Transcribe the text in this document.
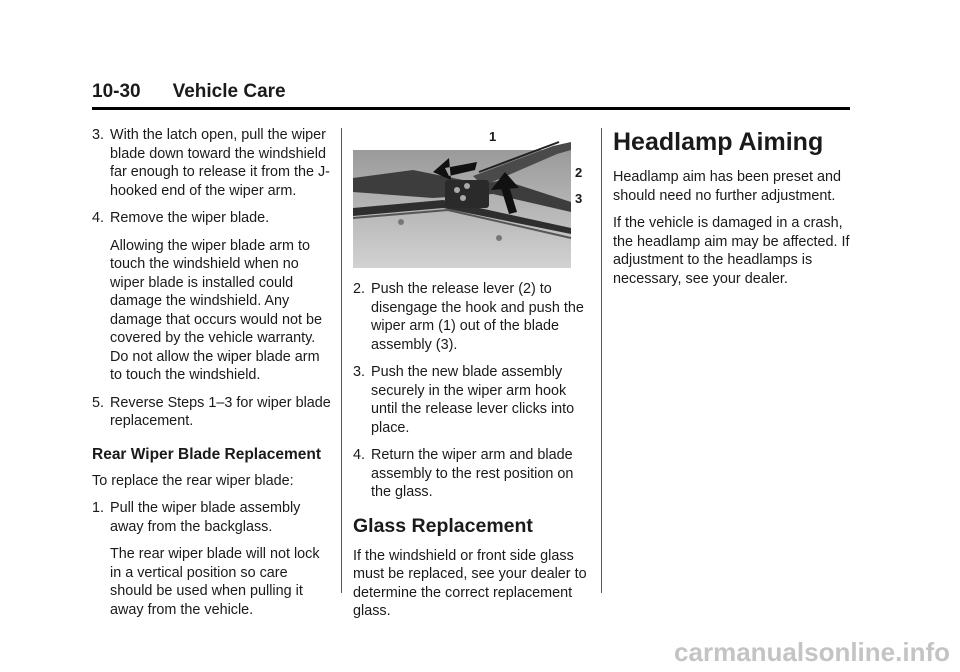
10-30 Vehicle Care

3. With the latch open, pull the wiper blade down toward the windshield far enough to release it from the J-hooked end of the wiper arm.

4. Remove the wiper blade.

Allowing the wiper blade arm to touch the windshield when no wiper blade is installed could damage the windshield. Any damage that occurs would not be covered by the vehicle warranty. Do not allow the wiper blade arm to touch the windshield.

5. Reverse Steps 1–3 for wiper blade replacement.

Rear Wiper Blade Replacement

To replace the rear wiper blade:

1. Pull the wiper blade assembly away from the backglass.

The rear wiper blade will not lock in a vertical position so care should be used when pulling it away from the vehicle.

1
2
3

2. Push the release lever (2) to disengage the hook and push the wiper arm (1) out of the blade assembly (3).

3. Push the new blade assembly securely in the wiper arm hook until the release lever clicks into place.

4. Return the wiper arm and blade assembly to the rest position on the glass.

Glass Replacement

If the windshield or front side glass must be replaced, see your dealer to determine the correct replacement glass.

Headlamp Aiming

Headlamp aim has been preset and should need no further adjustment.

If the vehicle is damaged in a crash, the headlamp aim may be affected. If adjustment to the headlamps is necessary, see your dealer.

carmanualsonline.info
